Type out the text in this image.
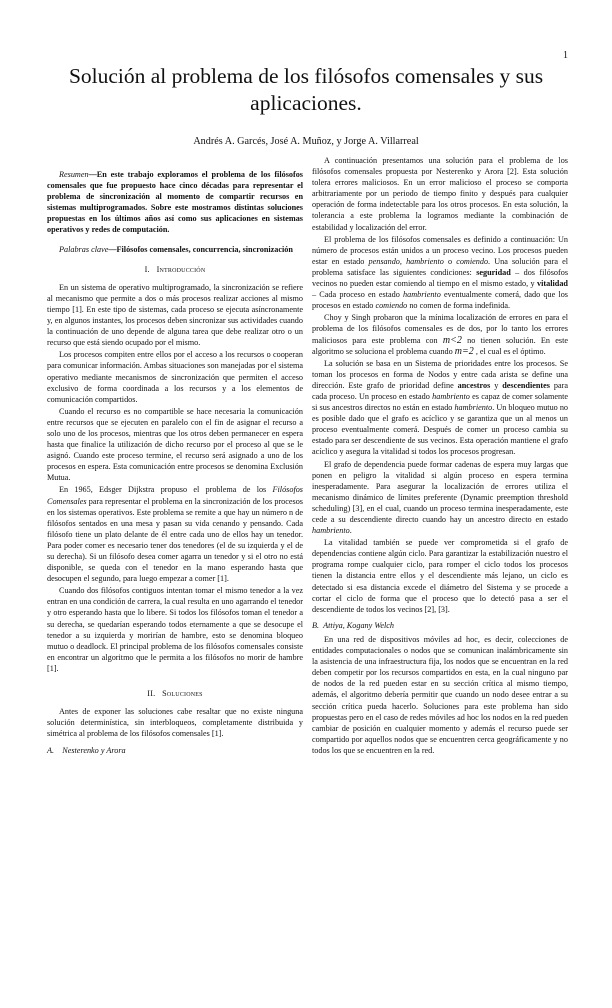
1
Solución al problema de los filósofos comensales y sus aplicaciones.
Andrés A. Garcés, José A. Muñoz, y Jorge A. Villarreal

Resumen—En este trabajo exploramos el problema de los filósofos comensales que fue propuesto hace cinco décadas para representar el problema de sincronización al momento de compartir recursos en sistemas multiprogramados. Sobre este mostramos distintas soluciones propuestas en los últimos años así como sus aplicaciones en sistemas operativos y redes de computación.

Palabras clave—Filósofos comensales, concurrencia, sincronización

I. Introducción

En un sistema de operativo multiprogramado, la sincronización se refiere al mecanismo que permite a dos o más procesos realizar acciones al mismo tiempo [1]. En este tipo de sistemas, cada proceso se ejecuta asíncronamente y, en algunos instantes, los procesos deben sincronizar sus actividades cuando la continuación de uno depende de alguna tarea que debe realizar otro o un recurso que está siendo ocupado por el mismo.

Los procesos compiten entre ellos por el acceso a los recursos o cooperan para comunicar información. Ambas situaciones son manejadas por el sistema operativo mediante mecanismos de sincronización que permiten el acceso exclusivo de forma coordinada a los recursos y a los elementos de comunicación compartidos.

Cuando el recurso es no compartible se hace necesaria la comunicación entre recursos que se ejecuten en paralelo con el fin de asignar el recurso a solo uno de los procesos, mientras que los otros deben permanecer en espera hasta que finalice la utilización de dicho recurso por el proceso al que se le asignó. Cuando este proceso termine, el recurso será asignado a uno de los procesos en espera. Esta comunicación entre procesos se denomina Exclusión Mutua.

En 1965, Edsger Dijkstra propuso el problema de los Filósofos Comensales para representar el problema en la sincronización de los procesos en los sistemas operativos. Este problema se remite a que hay un número n de filósofos sentados en una mesa y pasan su vida cenando y pensando. Cada filósofo tiene un plato delante de él entre cada uno de ellos hay un tenedor. Para poder comer es necesario tener dos tenedores (el de su izquierda y el de su derecha). Si un filósofo desea comer agarra un tenedor y si el otro no está disponible, se queda con el tenedor en la mano esperando hasta que desocupen el segundo, para luego empezar a comer [1].

Cuando dos filósofos contiguos intentan tomar el mismo tenedor a la vez entran en una condición de carrera, la cual resulta en uno agarrando el tenedor y otro esperando hasta que lo libere. Si todos los filósofos toman el tenedor a su derecha, se quedarían esperando todos eternamente a que se desocupe el tenedor a su izquierda y morirían de hambre, esto se denomina bloqueo mutuo o deadlock. El principal problema de los filósofos comensales consiste en encontrar un algoritmo que le permita a los filósofos no morir de hambre [1].

II. Soluciones

Antes de exponer las soluciones cabe resaltar que no existe ninguna solución determinística, sin interbloqueos, completamente distribuida y simétrica al problema de los filósofos comensales [1].

A. Nesterenko y Arora

A continuación presentamos una solución para el problema de los filósofos comensales propuesta por Nesterenko y Arora [2]. Esta solución tolera errores maliciosos. En un error malicioso el proceso se comporta arbitrariamente por un periodo de tiempo finito y después para cualquier operación de forma indetectable para los otros procesos. En esta solución, la tolerancia a este problema la logramos mediante la combinación de estabilidad y localización del error.

El problema de los filósofos comensales es definido a continuación: Un número de procesos están unidos a un proceso vecino. Los procesos pueden estar en estado pensando, hambriento o comiendo. Una solución para el problema satisface las siguientes condiciones: seguridad – dos filósofos vecinos no pueden estar comiendo al tiempo en el mismo estado, y vitalidad – Cada proceso en estado hambriento eventualmente comerá, dado que los procesos en estado comiendo no comen de forma indefinida.

Choy y Singh probaron que la mínima localización de errores en para el problema de los filósofos comensales es de dos, por lo tanto los errores maliciosos para este problema con m<2 no tienen solución. En este algoritmo se soluciona el problema cuando m=2 , el cual es el óptimo.

La solución se basa en un Sistema de prioridades entre los procesos. Se toman los procesos en forma de Nodos y entre cada arista se define una dirección. Este grafo de prioridad define ancestros y descendientes para cada proceso. Un proceso en estado hambriento es capaz de comer solamente si sus ancestros directos no están en estado hambriento. Un bloqueo mutuo no es posible dado que el grafo es acíclico y se garantiza que un al menos un proceso eventualmente comerá. Después de comer un proceso cambia su estado para ser descendiente de sus vecinos. Esta operación mantiene el grafo acíclico y asegura la vitalidad si todos los procesos progresan.

El grafo de dependencia puede formar cadenas de espera muy largas que ponen en peligro la vitalidad si algún proceso en espera termina inesperadamente. Para asegurar la localización de errores utiliza el mecanismo dinámico de límites preferente (Dynamic preemption threshold scheduling) [3], en el cual, cuando un proceso termina inesperadamente, este cede a su descendiente directo cuando hay un ancestro directo en estado hambriento.

La vitalidad también se puede ver comprometida si el grafo de dependencias contiene algún ciclo. Para garantizar la estabilización nuestro el programa rompe cualquier ciclo, para romper el ciclo todos los procesos tienen la distancia entre ellos y el descendiente más lejano, un ciclo es detectado si esa distancia excede el diámetro del Sistema y se procede a cortar el ciclo de forma que el proceso que lo detectó pasa a ser el descendiente de todos los vecinos [2], [3].

B. Attiya, Kogany Welch

En una red de dispositivos móviles ad hoc, es decir, colecciones de entidades computacionales o nodos que se comunican inalámbricamente sin la asistencia de una infraestructura fija, los nodos que se encuentran en la red deben competir por los recursos compartidos en esta, en la cual ninguno par de nodos de la red pueden estar en su sección crítica al mismo tiempo, además, el algoritmo debería permitir que cuando un nodo desee entrar a su sección crítica pueda hacerlo. Soluciones para este problema han sido propuestas pero en el caso de redes móviles ad hoc los nodos en la red pueden cambiar de posición en cualquier momento y además el recurso puede ser compartido por aquellos nodos que se encuentren cerca geográficamente y no todos los que se encuentren en la red.
